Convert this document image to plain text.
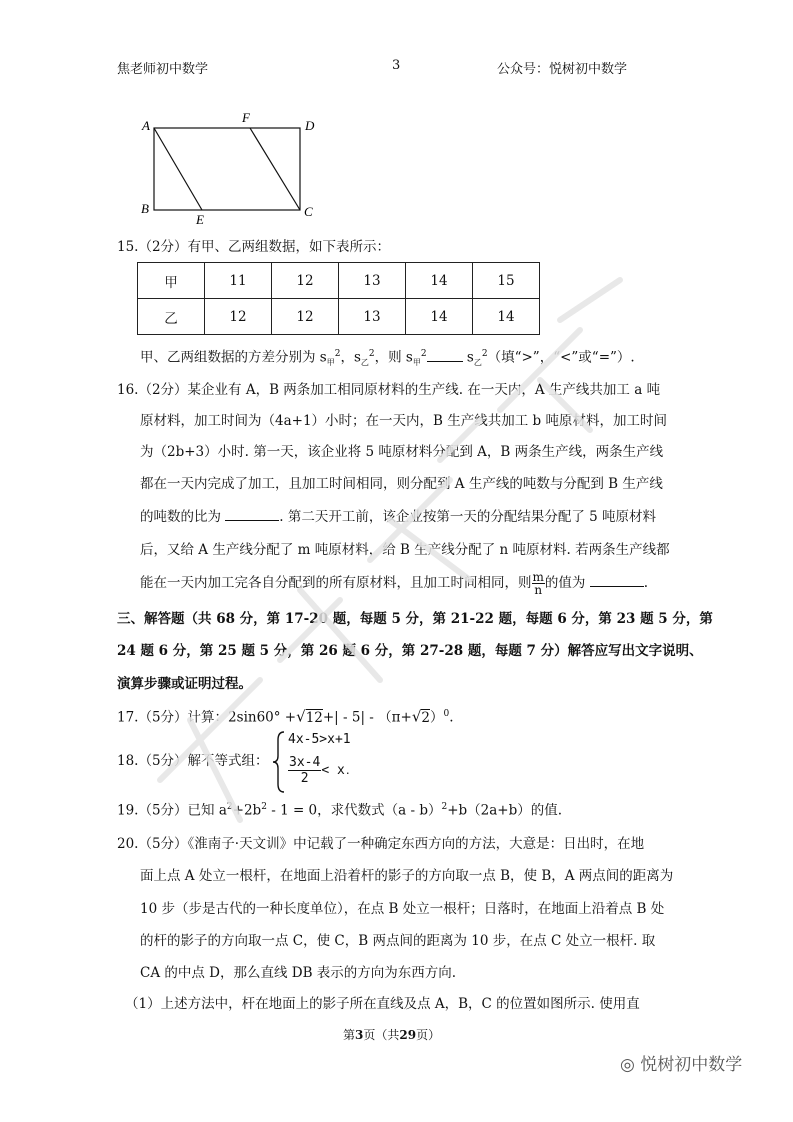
焦老师初中数学	3	公众号：悦树初中数学
A
F
D
B
E
C
15.（2分）有甲、乙两组数据，如下表所示：
甲	11	12	13	14	15
乙	12	12	13	14	14
甲、乙两组数据的方差分别为 $s_甲^2$，$s_乙^2$，则 $s_甲^2$	$s_乙^2$（填“>”，“<”或“=”）.
16.（2分）某企业有 A，B 两条加工相同原材料的生产线. 在一天内，A 生产线共加工 a 吨
原材料，加工时间为（4a+1）小时；在一天内，B 生产线共加工 b 吨原材料，加工时间
为（2b+3）小时. 第一天，该企业将 5 吨原材料分配到 A，B 两条生产线，两条生产线
都在一天内完成了加工，且加工时间相同，则分配到 A 生产线的吨数与分配到 B 生产线
的吨数的比为	. 第二天开工前，该企业按第一天的分配结果分配了 5 吨原材料
后，又给 A 生产线分配了 m 吨原材料，给 B 生产线分配了 n 吨原材料. 若两条生产线都
能在一天内加工完各自分配到的所有原材料，且加工时间相同，则 $\frac{m}{n}$ 的值为	.
三、解答题（共 68 分，第 17-20 题，每题 5 分，第 21-22 题，每题 6 分，第 23 题 5 分，第
24 题 6 分，第 25 题 5 分，第 26 题 6 分，第 27-28 题，每题 7 分）解答应写出文字说明、
演算步骤或证明过程。
17.（5分）计算：$2\sin 60^\circ +√12+| - 5| - (\pi+√2)^0$.
18.（5分）解不等式组：
4x-5>x+1
$\frac{3x-4}{2} < x$.
19.（5分）已知 $a^2+2b^2 - 1 = 0$，求代数式（a - b）$^2$+b（2a+b）的值.
20.（5分）《淮南子·天文训》中记载了一种确定东西方向的方法，大意是：日出时，在地
面上点 A 处立一根杆，在地面上沿着杆的影子的方向取一点 B，使 B，A 两点间的距离为
10 步（步是古代的一种长度单位），在点 B 处立一根杆；日落时，在地面上沿着点 B 处
的杆的影子的方向取一点 C，使 C，B 两点间的距离为 10 步，在点 C 处立一根杆. 取
CA 的中点 D，那么直线 DB 表示的方向为东西方向.
（1）上述方法中，杆在地面上的影子所在直线及点 A，B，C 的位置如图所示. 使用直
第3页（共29页）
◎ 悦树初中数学
